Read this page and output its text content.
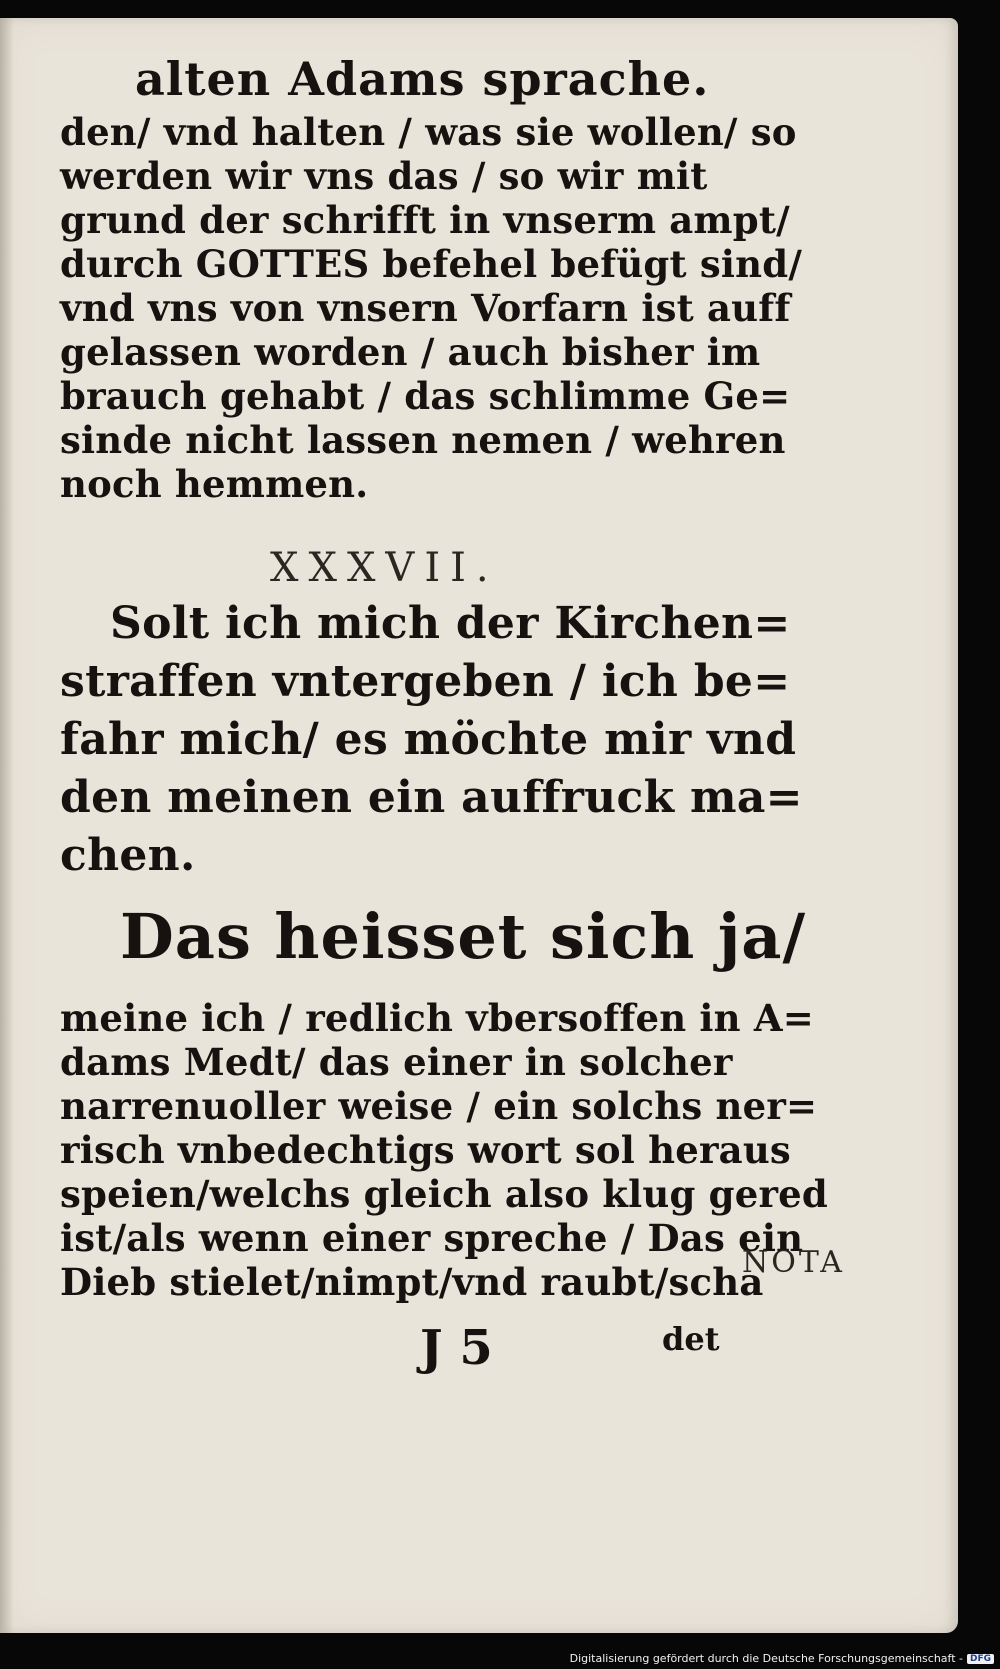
alten Adams sprache.
den/ vnd halten / was sie wollen/ so
werden wir vns das / so wir mit
grund der schrifft in vnserm ampt/
durch GOTTES befehel befügt sind/
vnd vns von vnsern Vorfarn ist auff
gelassen worden / auch bisher im
brauch gehabt / das schlimme Ge=
sinde nicht lassen nemen / wehren
noch hemmen.
XXXVII.
Solt ich mich der Kirchen=
straffen vntergeben / ich be=
fahr mich/ es möchte mir vnd
den meinen ein auffruck ma=
chen.
Das heisset sich ja/
meine ich / redlich vbersoffen in A=
dams Medt/ das einer in solcher
narrenuoller weise / ein solchs ner=
risch vnbedechtigs wort sol heraus
speien/welchs gleich also klug gered
ist/als wenn einer spreche / Das ein
Dieb stielet/nimpt/vnd raubt/scha
NOTA
J 5	det
Digitalisierung gefördert durch die Deutsche Forschungsgemeinschaft - DFG
